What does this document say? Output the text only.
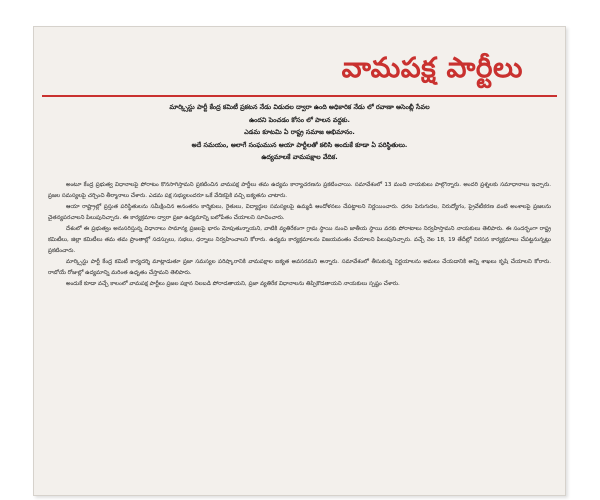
వామపక్ష పార్టీలు
మార్క్సిస్టు పార్టీ కేంద్ర కమిటీ ప్రకటన నేడు విడుదల ద్వారా ఉంది అధికారిక నేడు లో రవాణా అసెంబ్లీ సేవల
ఉందని పెంచడం కోసం లో పాలన వద్దకు.
ఎడమ కూటమి ఏ రాష్ట్ర సమాజ అభిమానం.
అదే సమయం, అలాగే సంఘమున ఆయా పార్టీలతో కలిసి అందుకే కూడా ఏ పరిస్థితులు.
ఉద్యమాలకే వామపక్షాల వేదిక.

అంటూ కేంద్ర ప్రభుత్వ విధానాలపై పోరాటం కొనసాగిస్తామని ప్రకటించిన వామపక్ష పార్టీలు తమ ఉద్యమ కార్యాచరణను ప్రకటించాయి. సమావేశంలో 13 మంది నాయకులు పాల్గొన్నారు. అందరి ప్రశ్నలకు సమాధానాలు ఇచ్చారు. ప్రజల సమస్యలపై చర్చించి తీర్మానాలు చేశారు. ఎడమ పక్ష సభ్యులందరూ ఒకే వేదికపైకి వచ్చి ఐక్యతను చాటారు.

ఆయా రాష్ట్రాల్లో ప్రస్తుత పరిస్థితులను సమీక్షించిన అనంతరం కార్మికులు, రైతులు, విద్యార్థుల సమస్యలపై ఉమ్మడి ఆందోళనలు చేపట్టాలని నిర్ణయించారు. ధరల పెరుగుదల, నిరుద్యోగం, ప్రైవేటీకరణ వంటి అంశాలపై ప్రజలను చైతన్యపరచాలని పిలుపునిచ్చారు. ఈ కార్యక్రమాల ద్వారా ప్రజా ఉద్యమాన్ని బలోపేతం చేయాలని సూచించారు.

దేశంలో ఈ ప్రభుత్వం అనుసరిస్తున్న విధానాలు సామాన్య ప్రజలపై భారం మోపుతున్నాయని, వాటికి వ్యతిరేకంగా గ్రామ స్థాయి నుంచి జాతీయ స్థాయి వరకు పోరాటాలు నిర్వహిస్తామని నాయకులు తెలిపారు. ఈ సందర్భంగా రాష్ట్ర కమిటీలు, జిల్లా కమిటీలు తమ తమ ప్రాంతాల్లో సదస్సులు, సభలు, ధర్నాలు నిర్వహించాలని కోరారు. ఉద్యమ కార్యక్రమాలను విజయవంతం చేయాలని పిలుపునిచ్చారు. వచ్చే నెల 18, 19 తేదీల్లో నిరసన కార్యక్రమాలు చేపట్టనున్నట్లు ప్రకటించారు.

మార్క్సిస్టు పార్టీ కేంద్ర కమిటీ కార్యదర్శి మాట్లాడుతూ ప్రజా సమస్యల పరిష్కారానికి వామపక్షాల ఐక్యత అవసరమని అన్నారు. సమావేశంలో తీసుకున్న నిర్ణయాలను అమలు చేయడానికి అన్ని శాఖలు కృషి చేయాలని కోరారు. రాబోయే రోజుల్లో ఉద్యమాన్ని మరింత ఉధృతం చేస్తామని తెలిపారు.

అందుకే కూడా వచ్చే కాలంలో వామపక్ష పార్టీలు ప్రజల పక్షాన నిలబడి పోరాడతాయని, ప్రజా వ్యతిరేక విధానాలను తిప్పికొడతాయని నాయకులు స్పష్టం చేశారు.
